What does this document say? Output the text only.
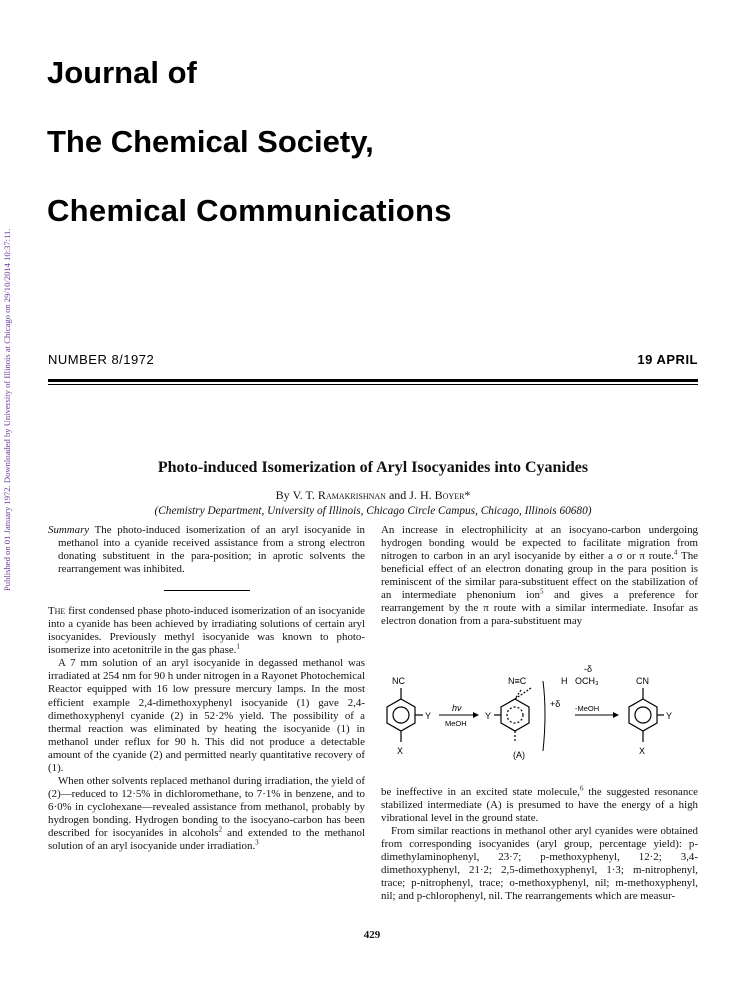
Published on 01 January 1972. Downloaded by University of Illinois at Chicago on 29/10/2014 10:37:11.
Journal of
The Chemical Society,
Chemical Communications
NUMBER 8/1972	19 APRIL
Photo-induced Isomerization of Aryl Isocyanides into Cyanides
By V. T. Ramakrishnan and J. H. Boyer*
(Chemistry Department, University of Illinois, Chicago Circle Campus, Chicago, Illinois 60680)

Summary The photo-induced isomerization of an aryl isocyanide in methanol into a cyanide received assistance from a strong electron donating substituent in the para-position; in aprotic solvents the rearrangement was inhibited.

The first condensed phase photo-induced isomerization of an isocyanide into a cyanide has been achieved by irradiating solutions of certain aryl isocyanides. Previously methyl isocyanide was known to photo-isomerize into acetonitrile in the gas phase.$^1$

A 7 mm solution of an aryl isocyanide in degassed methanol was irradiated at 254 nm for 90 h under nitrogen in a Rayonet Photochemical Reactor equipped with 16 low pressure mercury lamps. In the most efficient example 2,4-dimethoxyphenyl isocyanide (1) gave 2,4-dimethoxyphenyl cyanide (2) in 52·2% yield. The possibility of a thermal reaction was eliminated by heating the isocyanide (1) in methanol under reflux for 90 h. This did not produce a detectable amount of the cyanide (2) and permitted nearly quantitative recovery of (1).

When other solvents replaced methanol during irradiation, the yield of (2)—reduced to 12·5% in dichloromethane, to 7·1% in benzene, and to 6·0% in cyclohexane—revealed assistance from methanol, probably by hydrogen bonding. Hydrogen bonding to the isocyano-carbon has been described for isocyanides in alcohols$^2$ and extended to the methanol solution of an aryl isocyanide under irradiation.$^3$

An increase in electrophilicity at an isocyano-carbon undergoing hydrogen bonding would be expected to facilitate migration from nitrogen to carbon in an aryl isocyanide by either a σ or π route.$^4$ The beneficial effect of an electron donating group in the para position is reminiscent of the similar para-substituent effect on the stabilization of an intermediate phenonium ion$^5$ and gives a preference for rearrangement by the π route with a similar intermediate. Insofar as electron donation from a para-substituent may

NC
X
Y
hν
MeOH
Y
N≡C	H
+δ
(A)
-δ
OCH₃
-MeOH
CN
X
Y

be ineffective in an excited state molecule,$^6$ the suggested resonance stabilized intermediate (A) is presumed to have the energy of a high vibrational level in the ground state.

From similar reactions in methanol other aryl cyanides were obtained from corresponding isocyanides (aryl group, percentage yield): p-dimethylaminophenyl, 23·7; p-methoxyphenyl, 12·2; 3,4-dimethoxyphenyl, 21·2; 2,5-dimethoxyphenyl, 1·3; m-nitrophenyl, trace; p-nitrophenyl, trace; o-methoxyphenyl, nil; m-methoxyphenyl, nil; and p-chlorophenyl, nil. The rearrangements which are measur-

429
